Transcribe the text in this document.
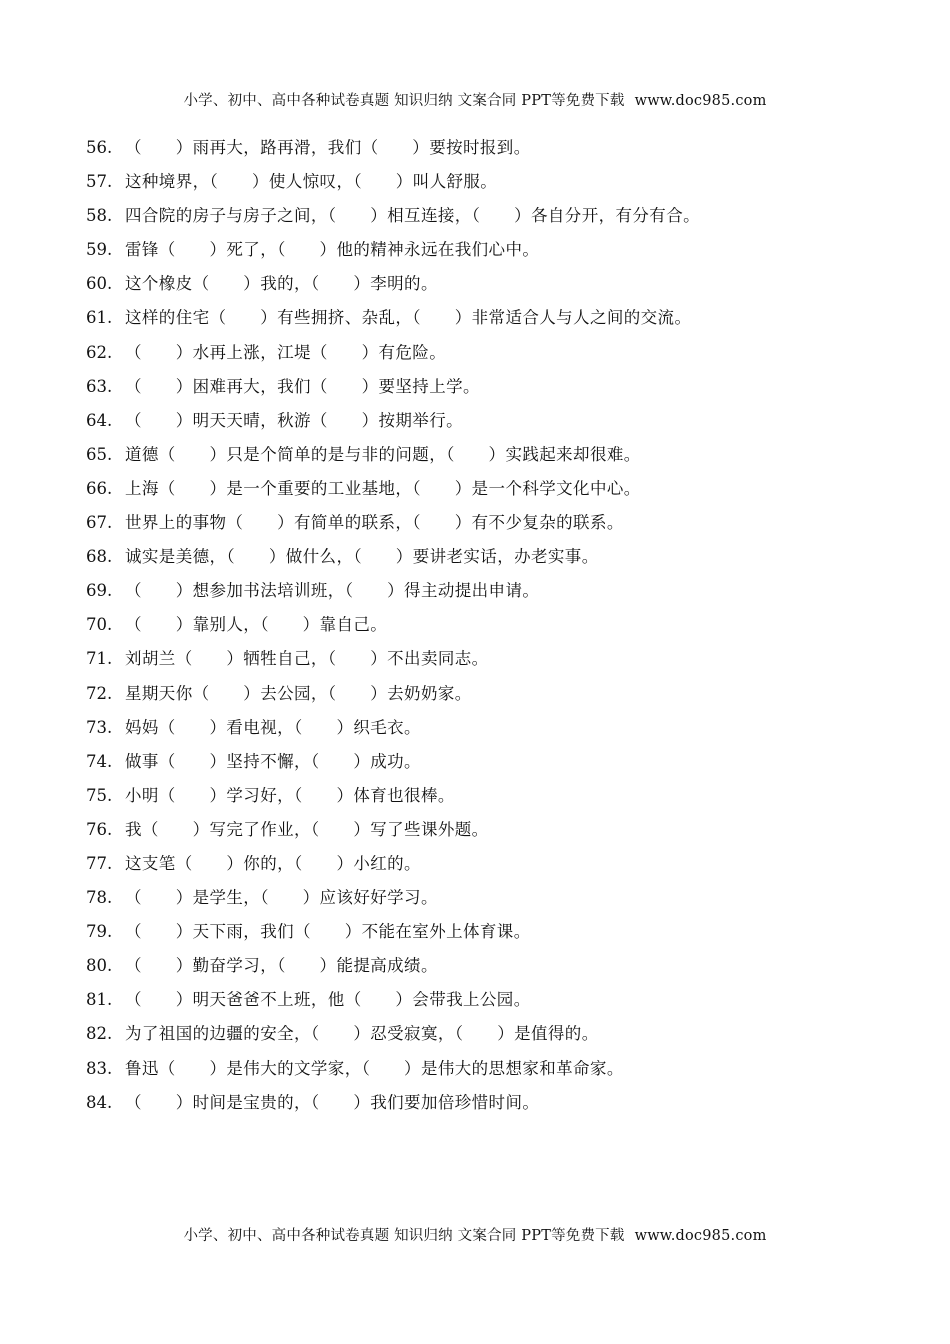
小学、初中、高中各种试卷真题 知识归纳 文案合同 PPT等免费下载 www.doc985.com
56. （　　）雨再大，路再滑，我们（　　）要按时报到。
57. 这种境界，（　　）使人惊叹，（　　）叫人舒服。
58. 四合院的房子与房子之间，（　　）相互连接，（　　）各自分开，有分有合。
59. 雷锋（　　）死了，（　　）他的精神永远在我们心中。
60. 这个橡皮（　　）我的，（　　）李明的。
61. 这样的住宅（　　）有些拥挤、杂乱，（　　）非常适合人与人之间的交流。
62. （　　）水再上涨，江堤（　　）有危险。
63. （　　）困难再大，我们（　　）要坚持上学。
64. （　　）明天天晴，秋游（　　）按期举行。
65. 道德（　　）只是个简单的是与非的问题，（　　）实践起来却很难。
66. 上海（　　）是一个重要的工业基地，（　　）是一个科学文化中心。
67. 世界上的事物（　　）有简单的联系，（　　）有不少复杂的联系。
68. 诚实是美德，（　　）做什么，（　　）要讲老实话，办老实事。
69. （　　）想参加书法培训班，（　　）得主动提出申请。
70. （　　）靠别人，（　　）靠自己。
71. 刘胡兰（　　）牺牲自己，（　　）不出卖同志。
72. 星期天你（　　）去公园，（　　）去奶奶家。
73. 妈妈（　　）看电视，（　　）织毛衣。
74. 做事（　　）坚持不懈，（　　）成功。
75. 小明（　　）学习好，（　　）体育也很棒。
76. 我（　　）写完了作业，（　　）写了些课外题。
77. 这支笔（　　）你的，（　　）小红的。
78. （　　）是学生，（　　）应该好好学习。
79. （　　）天下雨，我们（　　）不能在室外上体育课。
80. （　　）勤奋学习，（　　）能提高成绩。
81. （　　）明天爸爸不上班，他（　　）会带我上公园。
82. 为了祖国的边疆的安全，（　　）忍受寂寞，（　　）是值得的。
83. 鲁迅（　　）是伟大的文学家，（　　）是伟大的思想家和革命家。
84. （　　）时间是宝贵的，（　　）我们要加倍珍惜时间。
小学、初中、高中各种试卷真题 知识归纳 文案合同 PPT等免费下载 www.doc985.com
